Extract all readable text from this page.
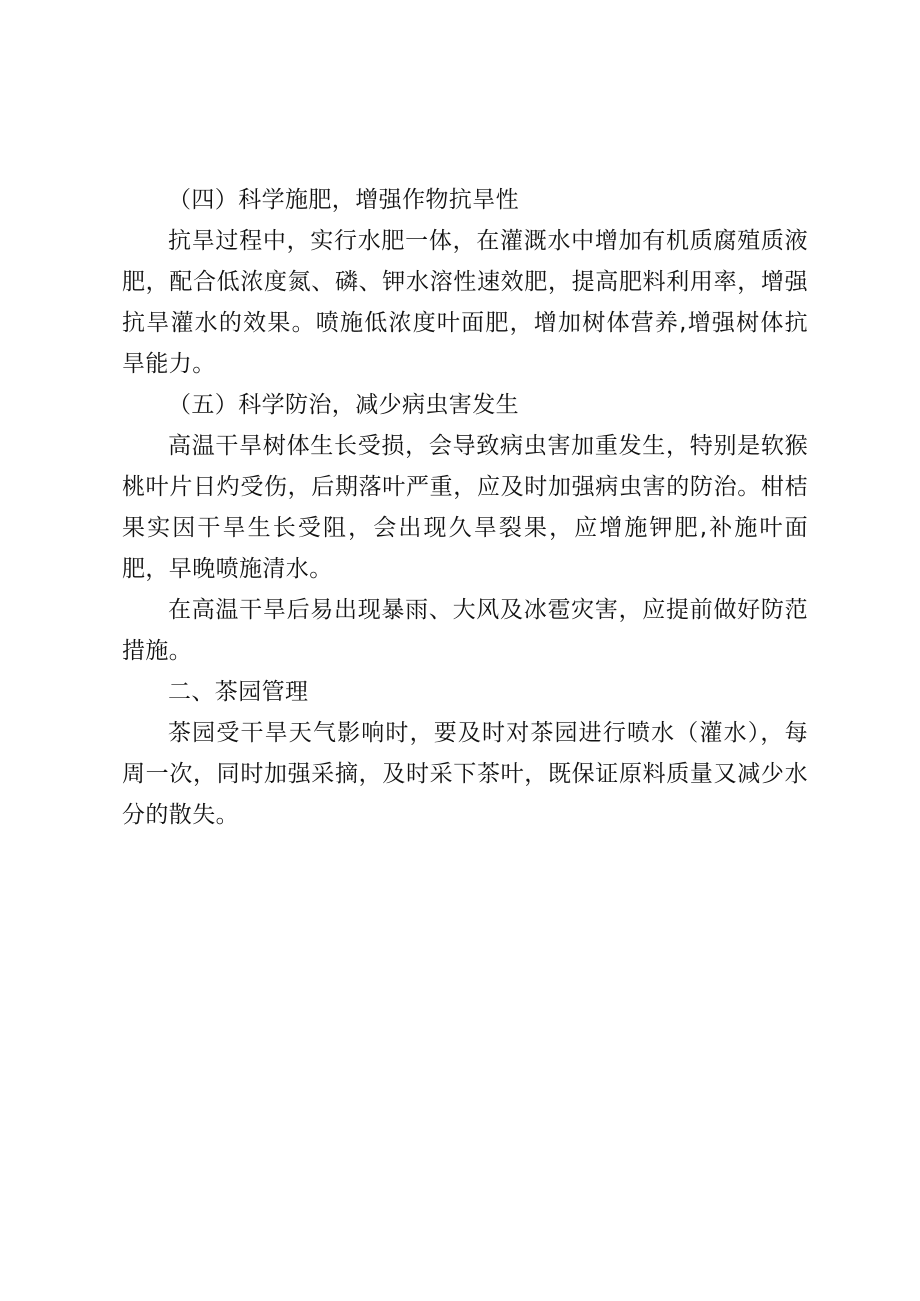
（四）科学施肥，增强作物抗旱性

抗旱过程中，实行水肥一体，在灌溉水中增加有机质腐殖质液肥，配合低浓度氮、磷、钾水溶性速效肥，提高肥料利用率，增强抗旱灌水的效果。喷施低浓度叶面肥，增加树体营养,增强树体抗旱能力。

（五）科学防治，减少病虫害发生

高温干旱树体生长受损，会导致病虫害加重发生，特别是软猴桃叶片日灼受伤，后期落叶严重，应及时加强病虫害的防治。柑桔果实因干旱生长受阻，会出现久旱裂果，应增施钾肥,补施叶面肥，早晚喷施清水。

在高温干旱后易出现暴雨、大风及冰雹灾害，应提前做好防范措施。

二、茶园管理

茶园受干旱天气影响时，要及时对茶园进行喷水（灌水），每周一次，同时加强采摘，及时采下茶叶，既保证原料质量又减少水分的散失。
